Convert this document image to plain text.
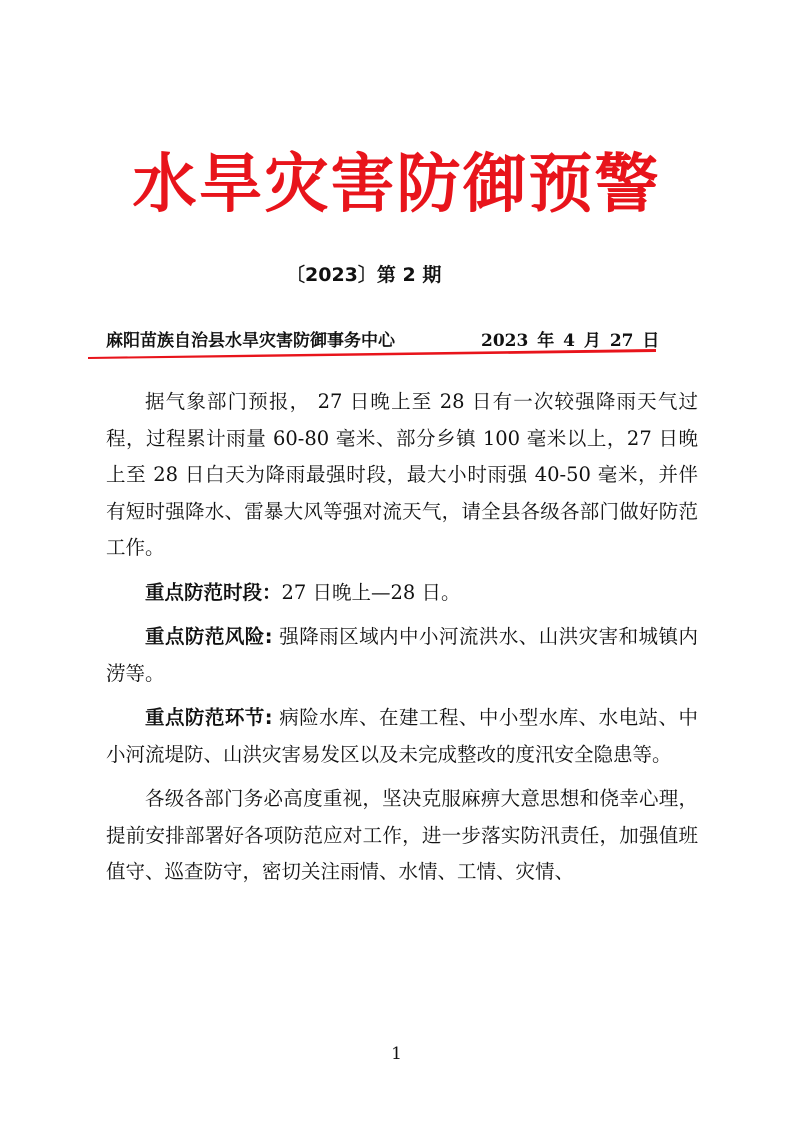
水旱灾害防御预警
〔2023〕第 2 期
麻阳苗族自治县水旱灾害防御事务中心	2023 年 4 月 27 日

据气象部门预报， 27 日晚上至 28 日有一次较强降雨天气过程，过程累计雨量 60-80 毫米、部分乡镇 100 毫米以上，27 日晚上至 28 日白天为降雨最强时段，最大小时雨强 40-50 毫米，并伴有短时强降水、雷暴大风等强对流天气，请全县各级各部门做好防范工作。

重点防范时段：27 日晚上—28 日。

重点防范风险: 强降雨区域内中小河流洪水、山洪灾害和城镇内涝等。

重点防范环节: 病险水库、在建工程、中小型水库、水电站、中小河流堤防、山洪灾害易发区以及未完成整改的度汛安全隐患等。

各级各部门务必高度重视，坚决克服麻痹大意思想和侥幸心理，提前安排部署好各项防范应对工作，进一步落实防汛责任，加强值班值守、巡查防守，密切关注雨情、水情、工情、灾情、

1
